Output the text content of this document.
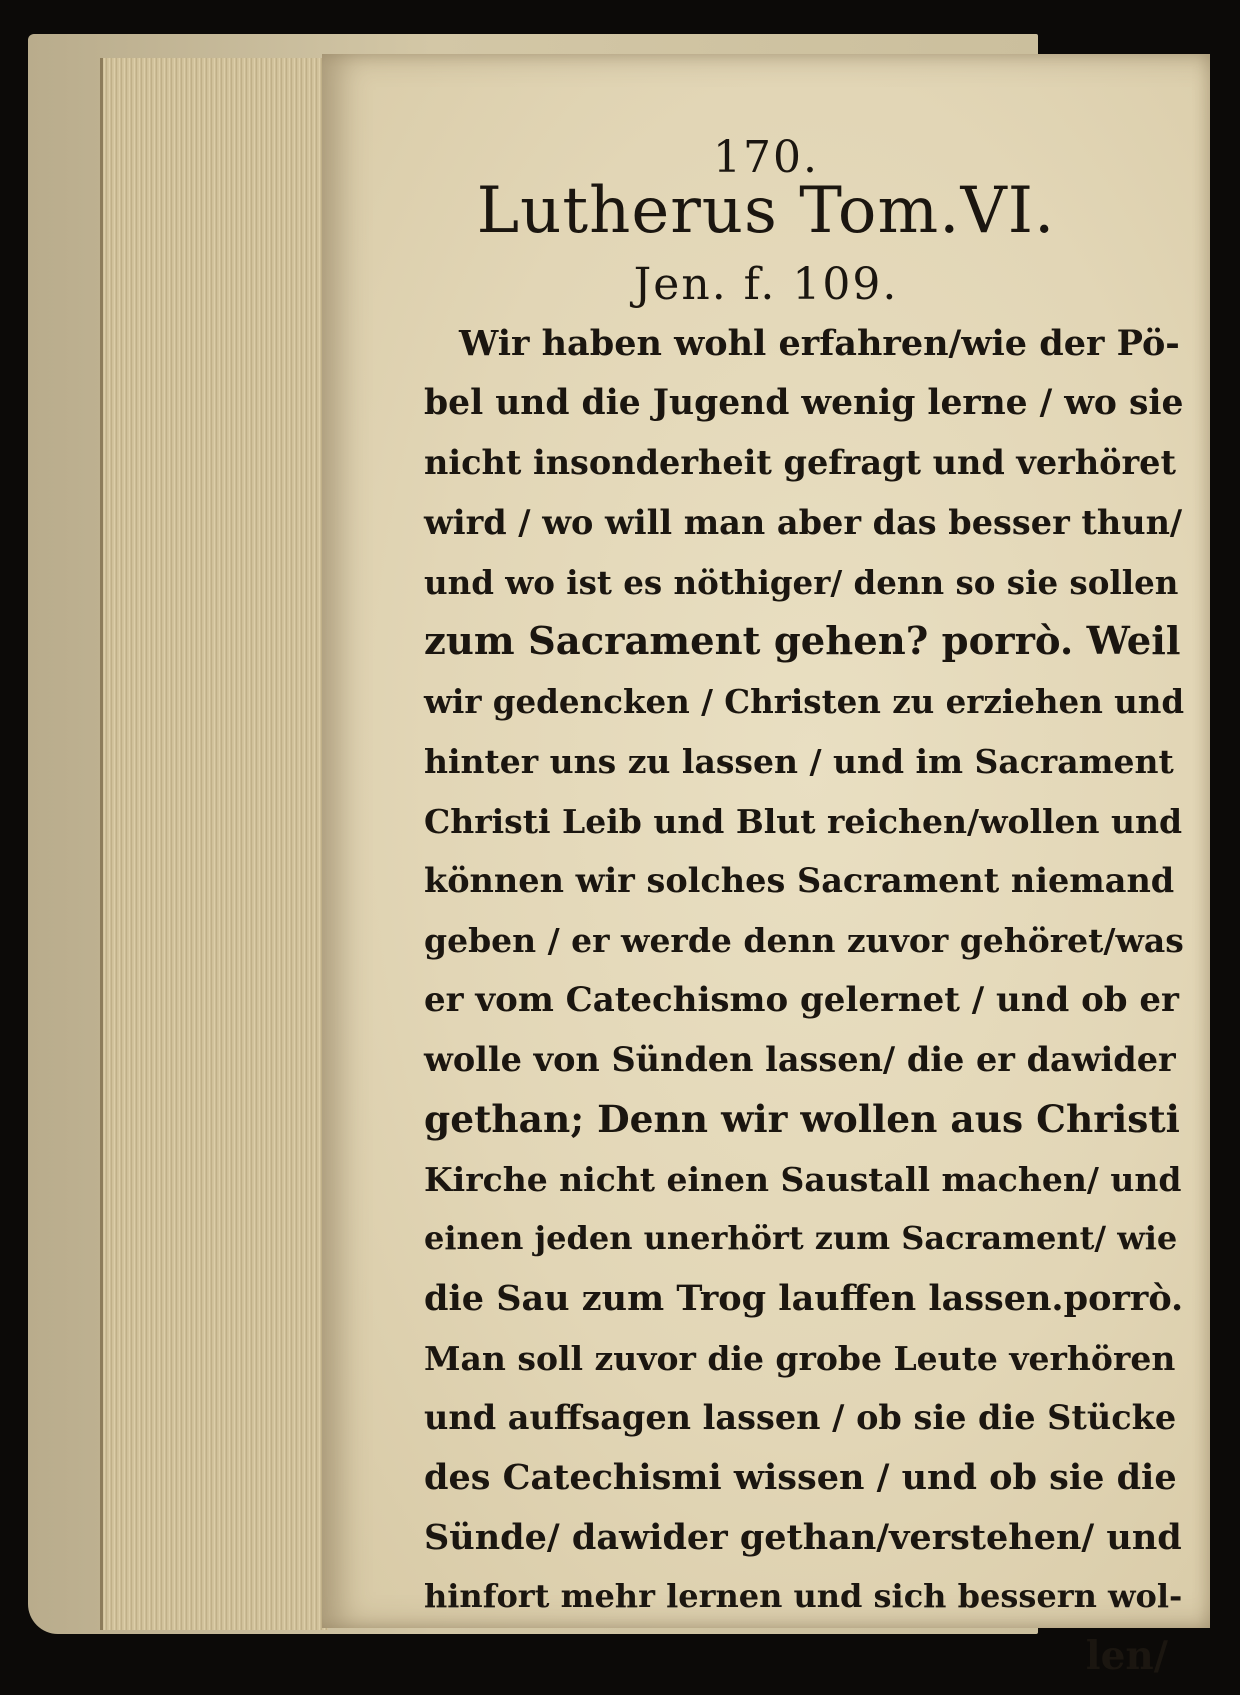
170.
Lutherus Tom.VI.
Jen. f. 109.
Wir haben wohl erfahren/wie der Pö-
bel und die Jugend wenig lerne / wo sie
nicht insonderheit gefragt und verhöret
wird / wo will man aber das besser thun/
und wo ist es nöthiger/ denn so sie sollen
zum Sacrament gehen? porrò. Weil
wir gedencken / Christen zu erziehen und
hinter uns zu lassen / und im Sacrament
Christi Leib und Blut reichen/wollen und
können wir solches Sacrament niemand
geben / er werde denn zuvor gehöret/was
er vom Catechismo gelernet / und ob er
wolle von Sünden lassen/ die er dawider
gethan; Denn wir wollen aus Christi
Kirche nicht einen Saustall machen/ und
einen jeden unerhört zum Sacrament/ wie
die Sau zum Trog lauffen lassen.porrò.
Man soll zuvor die grobe Leute verhören
und auffsagen lassen / ob sie die Stücke
des Catechismi wissen / und ob sie die
Sünde/ dawider gethan/verstehen/ und
hinfort mehr lernen und sich bessern wol-
len/
